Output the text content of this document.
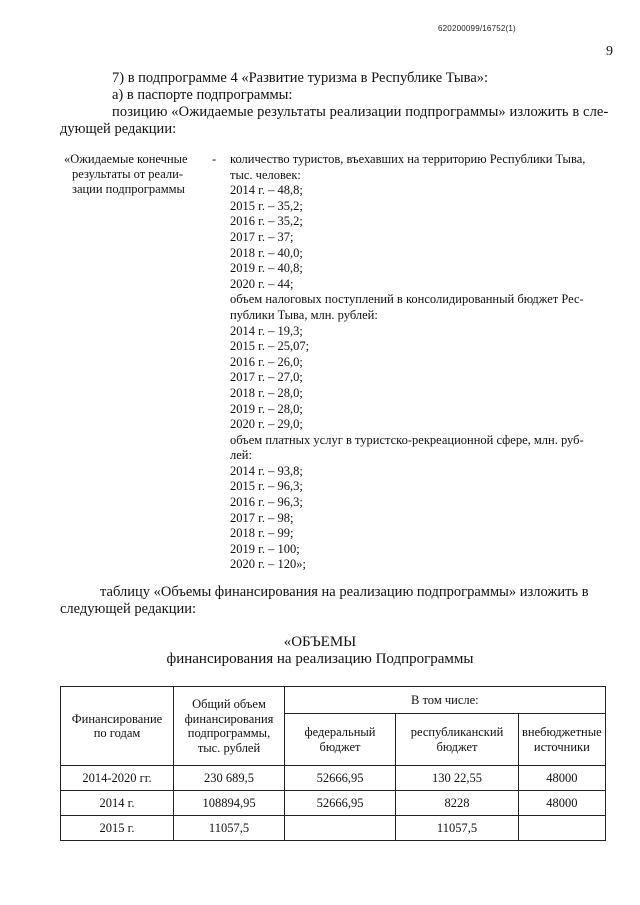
620200099/16752(1)
9
7) в подпрограмме 4 «Развитие туризма в Республике Тыва»:
а) в паспорте подпрограммы:
позицию «Ожидаемые результаты реализации подпрограммы» изложить в сле-
дующей редакции:
«Ожидаемые конечные
результаты от реали-
зации подпрограммы
- количество туристов, въехавших на территорию Республики Тыва,
тыс. человек:
2014 г. – 48,8;
2015 г. – 35,2;
2016 г. – 35,2;
2017 г. – 37;
2018 г. – 40,0;
2019 г. – 40,8;
2020 г. – 44;
объем налоговых поступлений в консолидированный бюджет Рес-
публики Тыва, млн. рублей:
2014 г. – 19,3;
2015 г. – 25,07;
2016 г. – 26,0;
2017 г. – 27,0;
2018 г. – 28,0;
2019 г. – 28,0;
2020 г. – 29,0;
объем платных услуг в туристско-рекреационной сфере, млн. руб-
лей:
2014 г. – 93,8;
2015 г. – 96,3;
2016 г. – 96,3;
2017 г. – 98;
2018 г. – 99;
2019 г. – 100;
2020 г. – 120»;
таблицу «Объемы финансирования на реализацию подпрограммы» изложить в
следующей редакции:
«ОБЪЕМЫ
финансирования на реализацию Подпрограммы
Финансирование по годам	Общий объем финансирования подпрограммы, тыс. рублей	В том числе:		
		федеральный бюджет	республиканский бюджет	внебюджетные источники
2014-2020 гг.	230 689,5	52666,95	130 22,55	48000
2014 г.	108894,95	52666,95	8228	48000
2015 г.	11057,5		11057,5	
